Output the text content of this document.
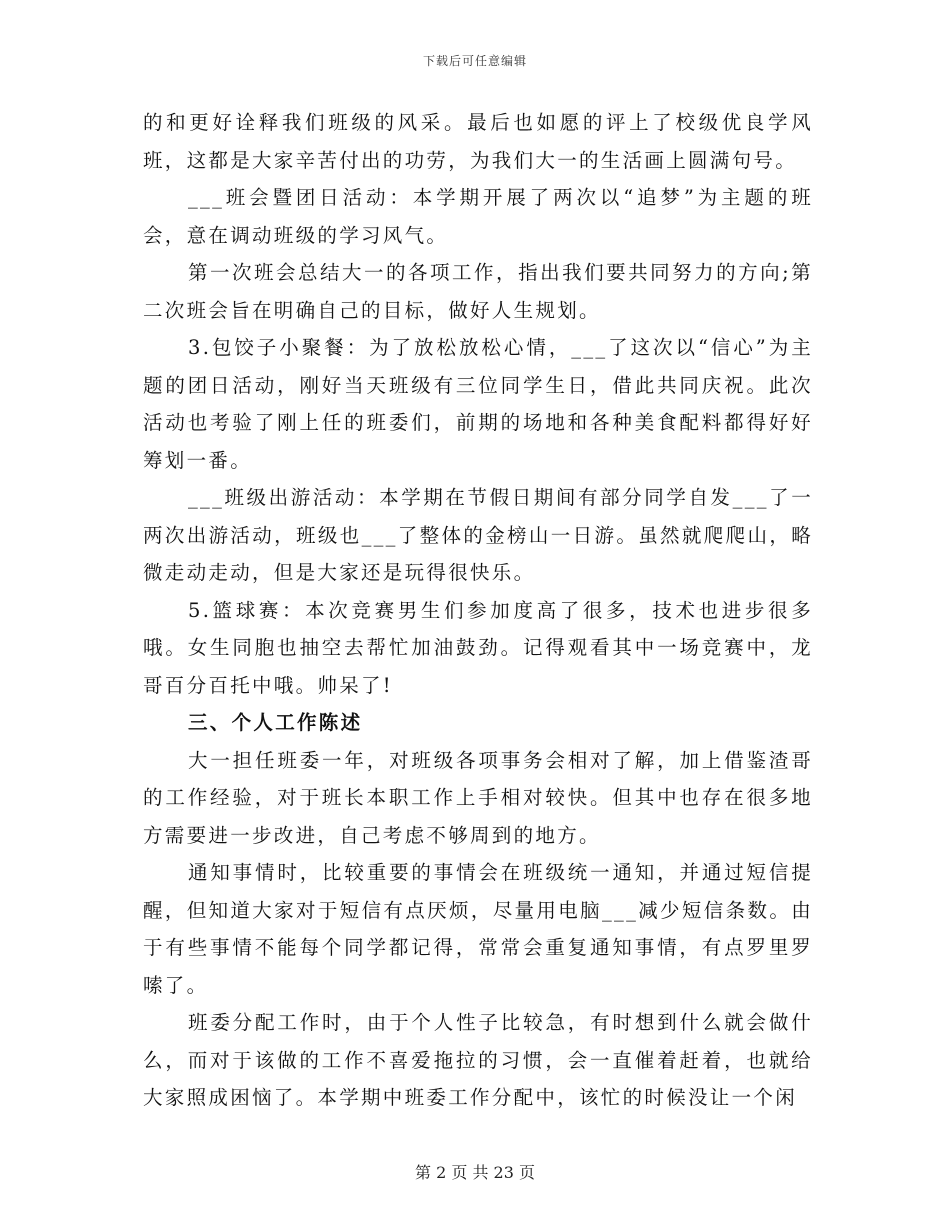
下载后可任意编辑

的和更好诠释我们班级的风采。最后也如愿的评上了校级优良学风班，这都是大家辛苦付出的功劳，为我们大一的生活画上圆满句号。

___班会暨团日活动：本学期开展了两次以“追梦”为主题的班会，意在调动班级的学习风气。

第一次班会总结大一的各项工作，指出我们要共同努力的方向;第二次班会旨在明确自己的目标，做好人生规划。

3.包饺子小聚餐：为了放松放松心情，___了这次以“信心”为主题的团日活动，刚好当天班级有三位同学生日，借此共同庆祝。此次活动也考验了刚上任的班委们，前期的场地和各种美食配料都得好好筹划一番。

___班级出游活动：本学期在节假日期间有部分同学自发___了一两次出游活动，班级也___了整体的金榜山一日游。虽然就爬爬山，略微走动走动，但是大家还是玩得很快乐。

5.篮球赛：本次竞赛男生们参加度高了很多，技术也进步很多哦。女生同胞也抽空去帮忙加油鼓劲。记得观看其中一场竞赛中，龙哥百分百托中哦。帅呆了!

三、个人工作陈述

大一担任班委一年，对班级各项事务会相对了解，加上借鉴渣哥的工作经验，对于班长本职工作上手相对较快。但其中也存在很多地方需要进一步改进，自己考虑不够周到的地方。

通知事情时，比较重要的事情会在班级统一通知，并通过短信提醒，但知道大家对于短信有点厌烦，尽量用电脑___减少短信条数。由于有些事情不能每个同学都记得，常常会重复通知事情，有点罗里罗嗦了。

班委分配工作时，由于个人性子比较急，有时想到什么就会做什么，而对于该做的工作不喜爱拖拉的习惯，会一直催着赶着，也就给大家照成困恼了。本学期中班委工作分配中，该忙的时候没让一个闲

第 2 页 共 23 页
